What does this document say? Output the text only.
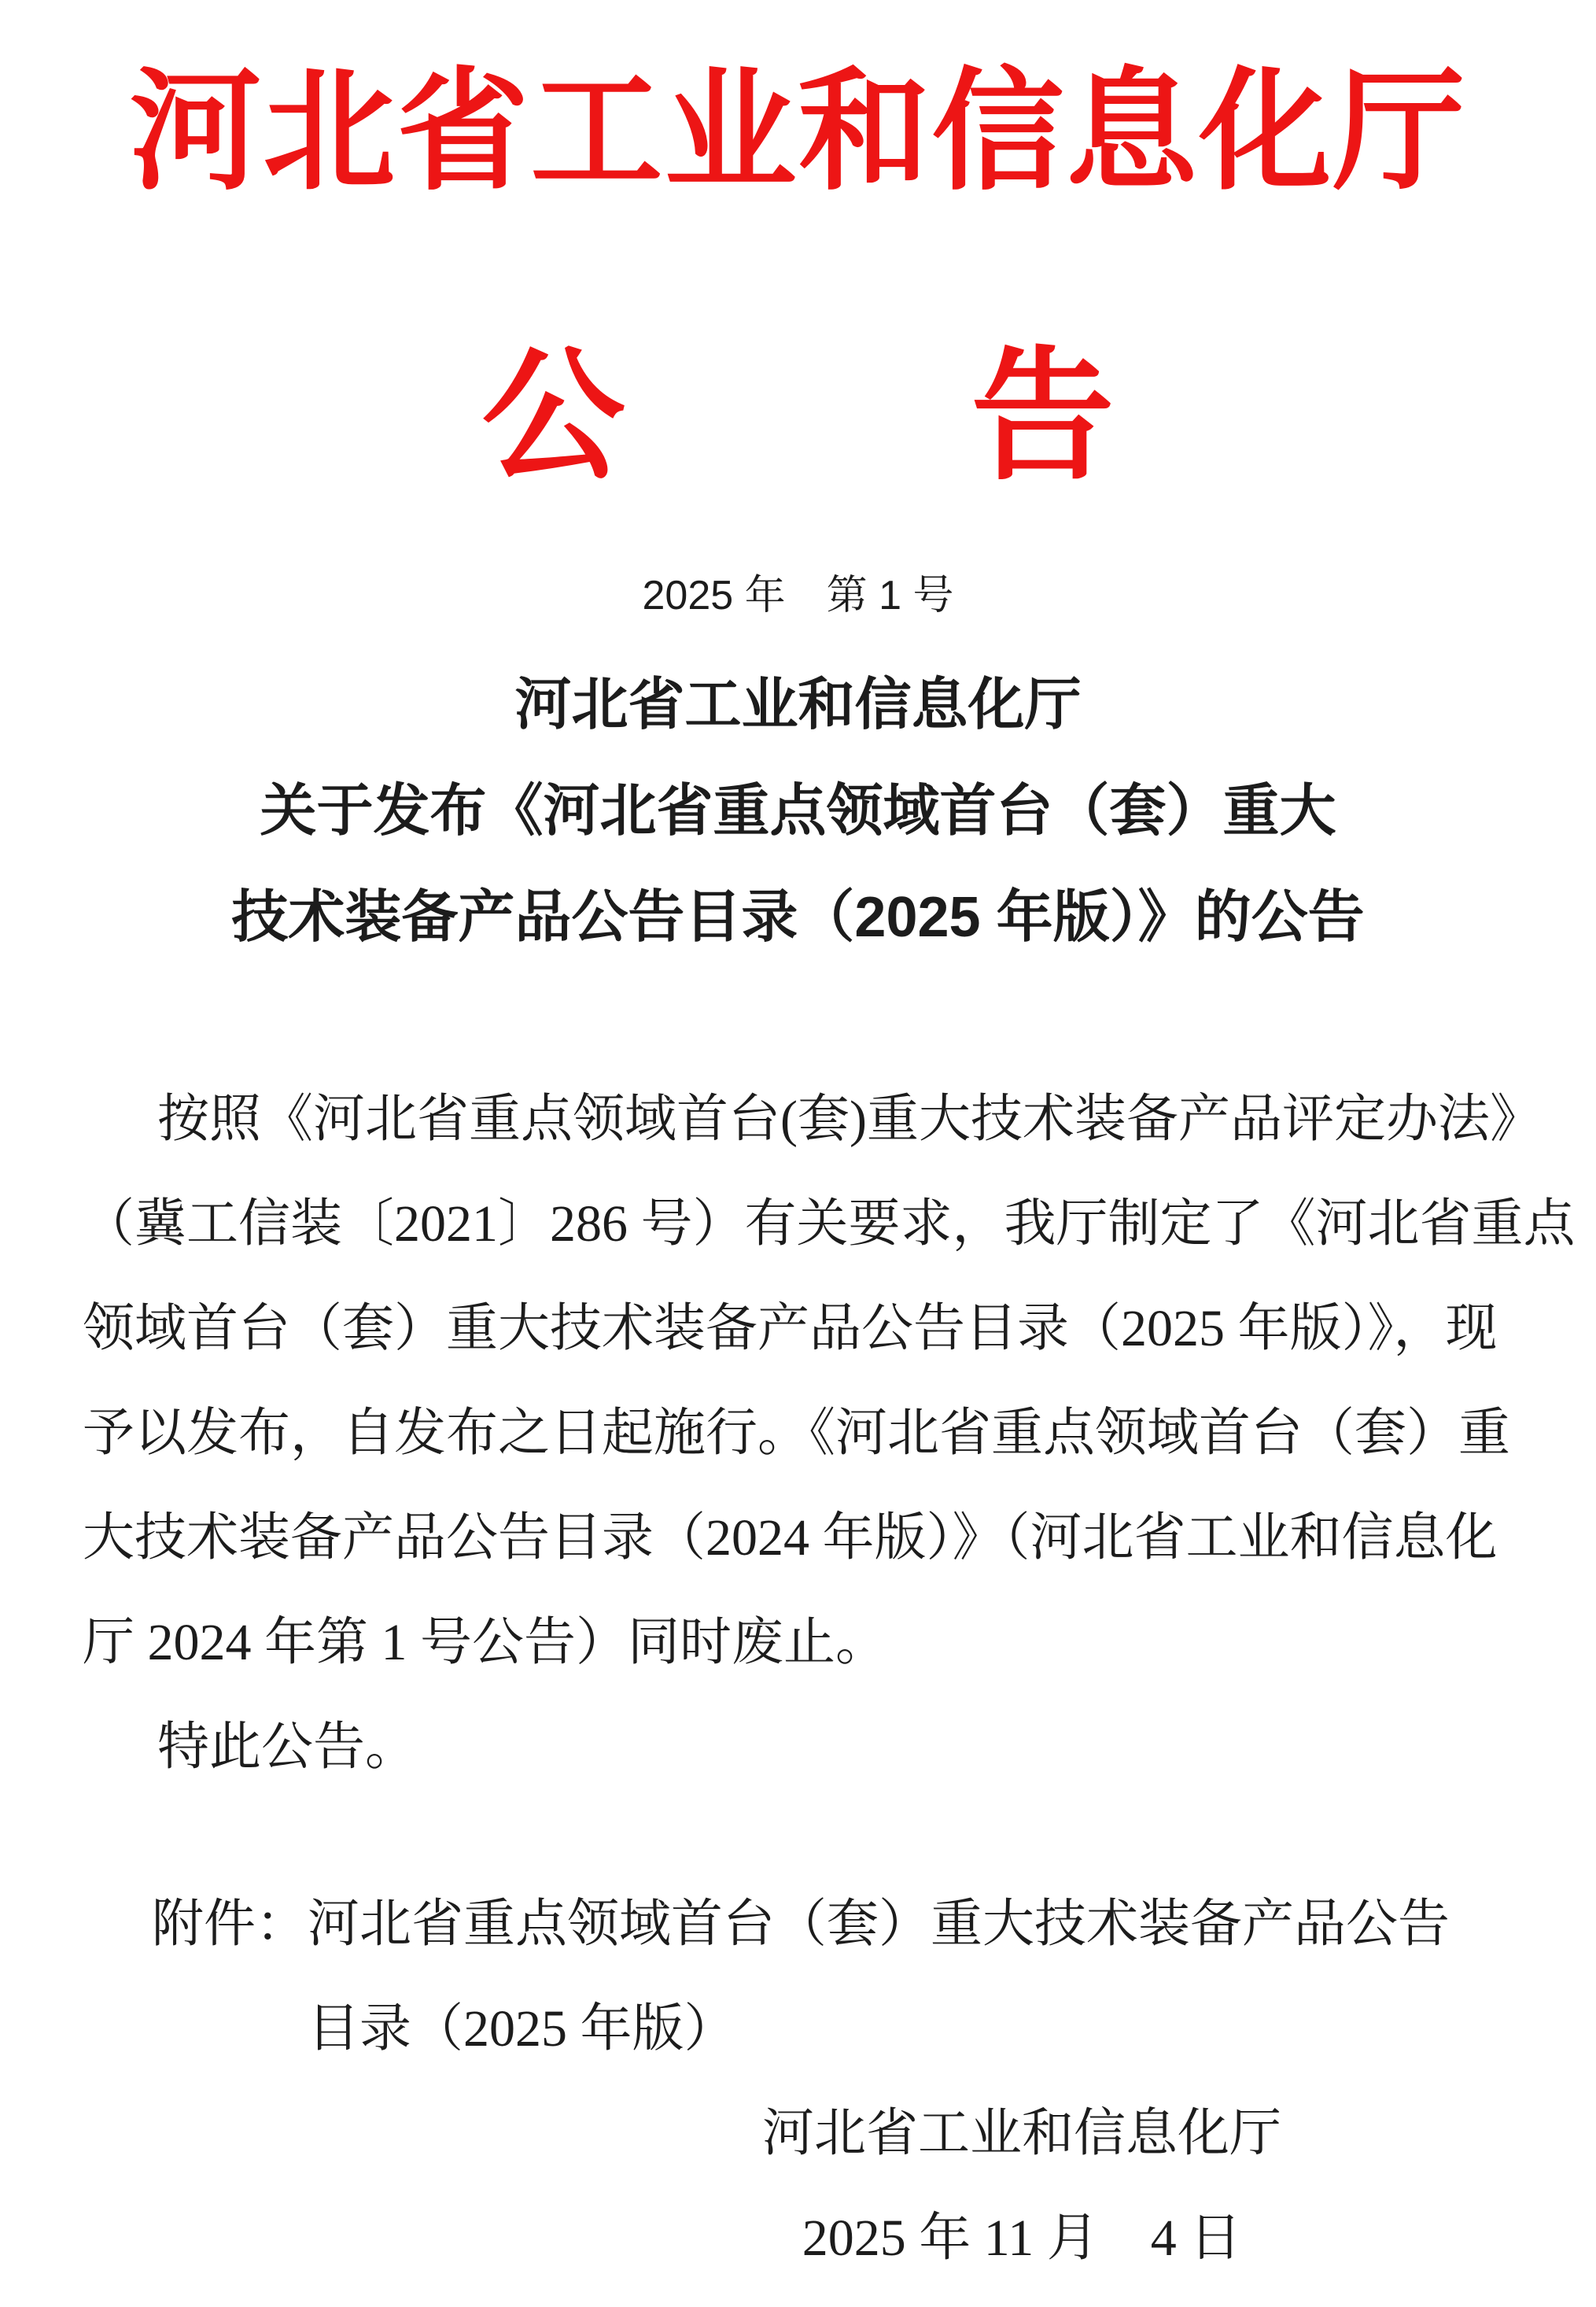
河北省工业和信息化厅
公 告
2025 年　第 1 号
河北省工业和信息化厅
关于发布《河北省重点领域首台（套）重大
技术装备产品公告目录（2025 年版）》的公告
按照《河北省重点领域首台(套)重大技术装备产品评定办法》
（冀工信装〔2021〕286 号）有关要求，我厅制定了《河北省重点
领域首台（套）重大技术装备产品公告目录（2025 年版）》，现
予以发布，自发布之日起施行。《河北省重点领域首台（套）重
大技术装备产品公告目录（2024 年版）》（河北省工业和信息化
厅 2024 年第 1 号公告）同时废止。
特此公告。
附件： 河北省重点领域首台（套）重大技术装备产品公告
目录（2025 年版）
河北省工业和信息化厅
2025 年 11 月　4 日
